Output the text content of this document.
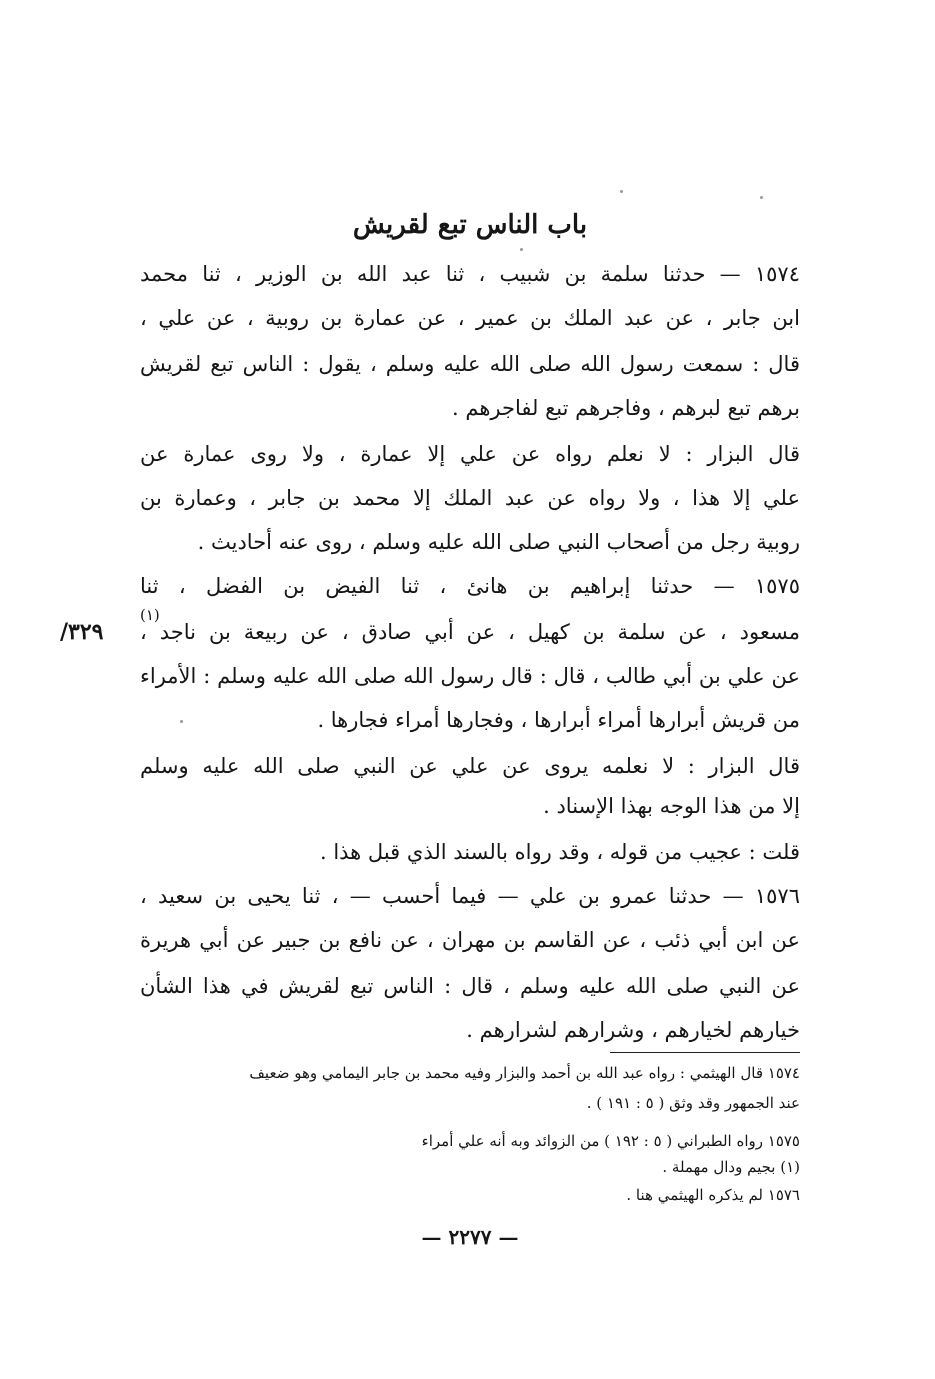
باب الناس تبع لقريش
١٥٧٤ — حدثنا سلمة بن شبيب ، ثنا عبد الله بن الوزير ، ثنا محمد
ابن جابر ، عن عبد الملك بن عمير ، عن عمارة بن روبية ، عن علي ،
قال : سمعت رسول الله صلى الله عليه وسلم ، يقول : الناس تبع لقريش
برهم تبع لبرهم ، وفاجرهم تبع لفاجرهم .
قال البزار : لا نعلم رواه عن علي إلا عمارة ، ولا روى عمارة عن
علي إلا هذا ، ولا رواه عن عبد الملك إلا محمد بن جابر ، وعمارة بن
روبية رجل من أصحاب النبي صلى الله عليه وسلم ، روى عنه أحاديث .
١٥٧٥ — حدثنا إبراهيم بن هانئ ، ثنا الفيض بن الفضل ، ثنا
مسعود ، عن سلمة بن كهيل ، عن أبي صادق ، عن ربيعة بن ناجد ،
عن علي بن أبي طالب ، قال : قال رسول الله صلى الله عليه وسلم : الأمراء
من قريش أبرارها أمراء أبرارها ، وفجارها أمراء فجارها .
قال البزار : لا نعلمه يروى عن علي عن النبي صلى الله عليه وسلم
إلا من هذا الوجه بهذا الإسناد .
قلت : عجيب من قوله ، وقد رواه بالسند الذي قبل هذا .
١٥٧٦ — حدثنا عمرو بن علي — فيما أحسب — ، ثنا يحيى بن سعيد ،
عن ابن أبي ذئب ، عن القاسم بن مهران ، عن نافع بن جبير عن أبي هريرة
عن النبي صلى الله عليه وسلم ، قال : الناس تبع لقريش في هذا الشأن
خيارهم لخيارهم ، وشرارهم لشرارهم .
٣٢٩/
(١)
١٥٧٤ قال الهيثمي : رواه عبد الله بن أحمد والبزار وفيه محمد بن جابر اليمامي وهو ضعيف
عند الجمهور وقد وثق ( ٥ : ١٩١ ) .
١٥٧٥ رواه الطبراني ( ٥ : ١٩٢ ) من الزوائد وبه أنه علي أمراء
(١) بجيم ودال مهملة .
١٥٧٦ لم يذكره الهيثمي هنا .
— ٢٢٧٧ —
